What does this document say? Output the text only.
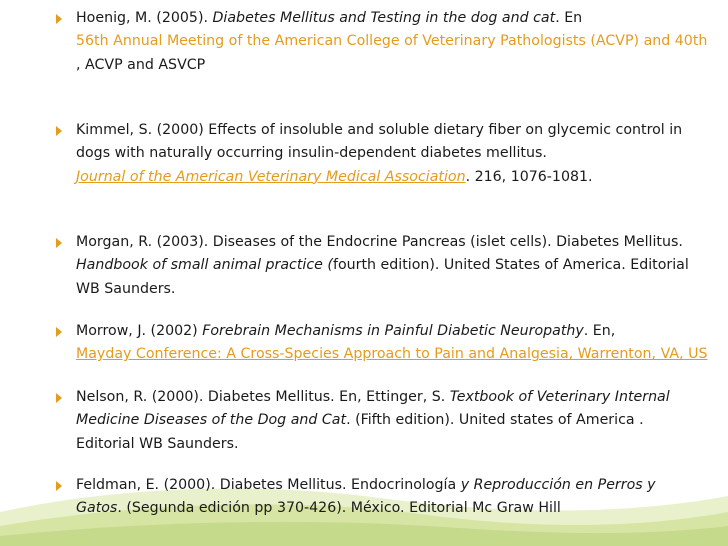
Hoenig, M. (2005). Diabetes Mellitus and Testing in the dog and cat. En
56th Annual Meeting of the American College of Veterinary Pathologists (ACVP) and 40th
, ACVP and ASVCP
Kimmel, S. (2000) Effects of insoluble and soluble dietary fiber on glycemic control in
dogs with naturally occurring insulin-dependent diabetes mellitus.
Journal of the American Veterinary Medical Association. 216, 1076-1081.
Morgan, R. (2003). Diseases of the Endocrine Pancreas (islet cells). Diabetes Mellitus.
Handbook of small animal practice (fourth edition). United States of America. Editorial
WB Saunders.
Morrow, J. (2002) Forebrain Mechanisms in Painful Diabetic Neuropathy. En,
Mayday Conference: A Cross-Species Approach to Pain and Analgesia, Warrenton, VA, US
Nelson, R. (2000). Diabetes Mellitus. En, Ettinger, S. Textbook of Veterinary Internal
Medicine Diseases of the Dog and Cat. (Fifth edition). United states of America .
Editorial WB Saunders.
Feldman, E. (2000). Diabetes Mellitus. Endocrinología y Reproducción en Perros y
Gatos. (Segunda edición pp 370-426). México. Editorial Mc Graw Hill
